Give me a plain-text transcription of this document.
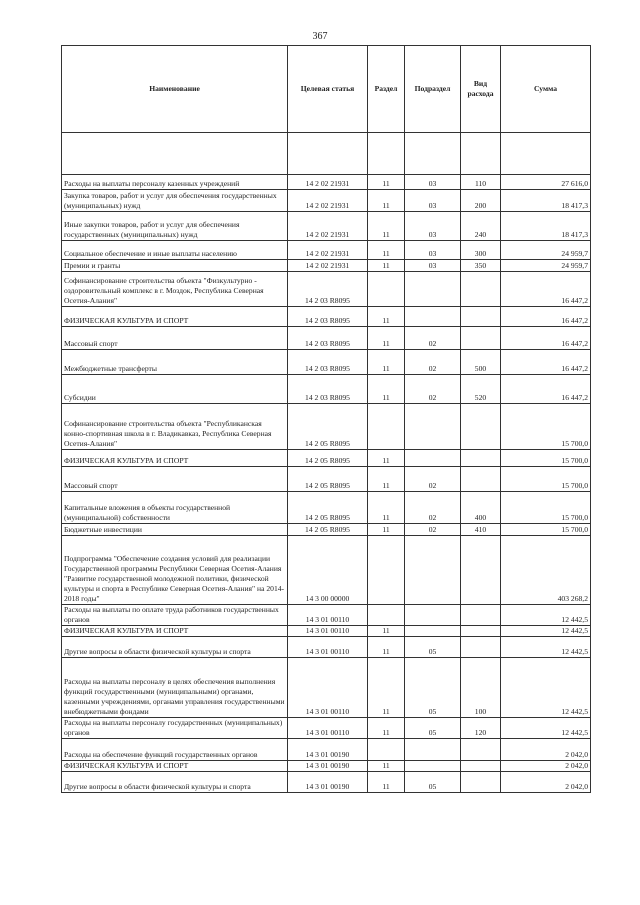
367
Наименование	Целевая статья	Раздел	Подраздел	Вид расхода	Сумма

Расходы на выплаты персоналу казенных учреждений	14 2 02 21931	11	03	110	27 616,0
Закупка товаров, работ и услуг для обеспечения государственных (муниципальных) нужд	14 2 02 21931	11	03	200	18 417,3
Иные закупки товаров, работ и услуг для обеспечения государственных (муниципальных) нужд	14 2 02 21931	11	03	240	18 417,3
Социальное обеспечение и иные выплаты населению	14 2 02 21931	11	03	300	24 959,7
Премии и гранты	14 2 02 21931	11	03	350	24 959,7
Софинансирование строительства объекта "Физкультурно - оздоровительный комплекс в г. Моздок, Республика Северная Осетия-Алания"	14 2 03 R8095				16 447,2
ФИЗИЧЕСКАЯ КУЛЬТУРА И СПОРТ	14 2 03 R8095	11			16 447,2
Массовый спорт	14 2 03 R8095	11	02		16 447,2
Межбюджетные трансферты	14 2 03 R8095	11	02	500	16 447,2
Субсидии	14 2 03 R8095	11	02	520	16 447,2
Софинансирование строительства объекта "Республиканская конно-спортивная школа в г. Владикавказ, Республика Северная Осетия-Алания"	14 2 05 R8095				15 700,0
ФИЗИЧЕСКАЯ КУЛЬТУРА И СПОРТ	14 2 05 R8095	11			15 700,0
Массовый спорт	14 2 05 R8095	11	02		15 700,0
Капитальные вложения в объекты государственной (муниципальной) собственности	14 2 05 R8095	11	02	400	15 700,0
Бюджетные инвестиции	14 2 05 R8095	11	02	410	15 700,0
Подпрограмма "Обеспечение создания условий для реализации Государственной программы Республики Северная Осетия-Алания "Развитие государственной молодежной политики, физической культуры и спорта в Республике Северная Осетия-Алания" на 2014-2018 годы"	14 3 00 00000				403 268,2
Расходы на выплаты по оплате труда работников государственных органов	14 3 01 00110				12 442,5
ФИЗИЧЕСКАЯ КУЛЬТУРА И СПОРТ	14 3 01 00110	11			12 442,5
Другие вопросы в области физической культуры и спорта	14 3 01 00110	11	05		12 442,5
Расходы на выплаты персоналу в целях обеспечения выполнения функций государственными (муниципальными) органами, казенными учреждениями, органами управления государственными внебюджетными фондами	14 3 01 00110	11	05	100	12 442,5
Расходы на выплаты персоналу государственных (муниципальных) органов	14 3 01 00110	11	05	120	12 442,5
Расходы на обеспечение функций государственных органов	14 3 01 00190				2 042,0
ФИЗИЧЕСКАЯ КУЛЬТУРА И СПОРТ	14 3 01 00190	11			2 042,0
Другие вопросы в области физической культуры и спорта	14 3 01 00190	11	05		2 042,0
